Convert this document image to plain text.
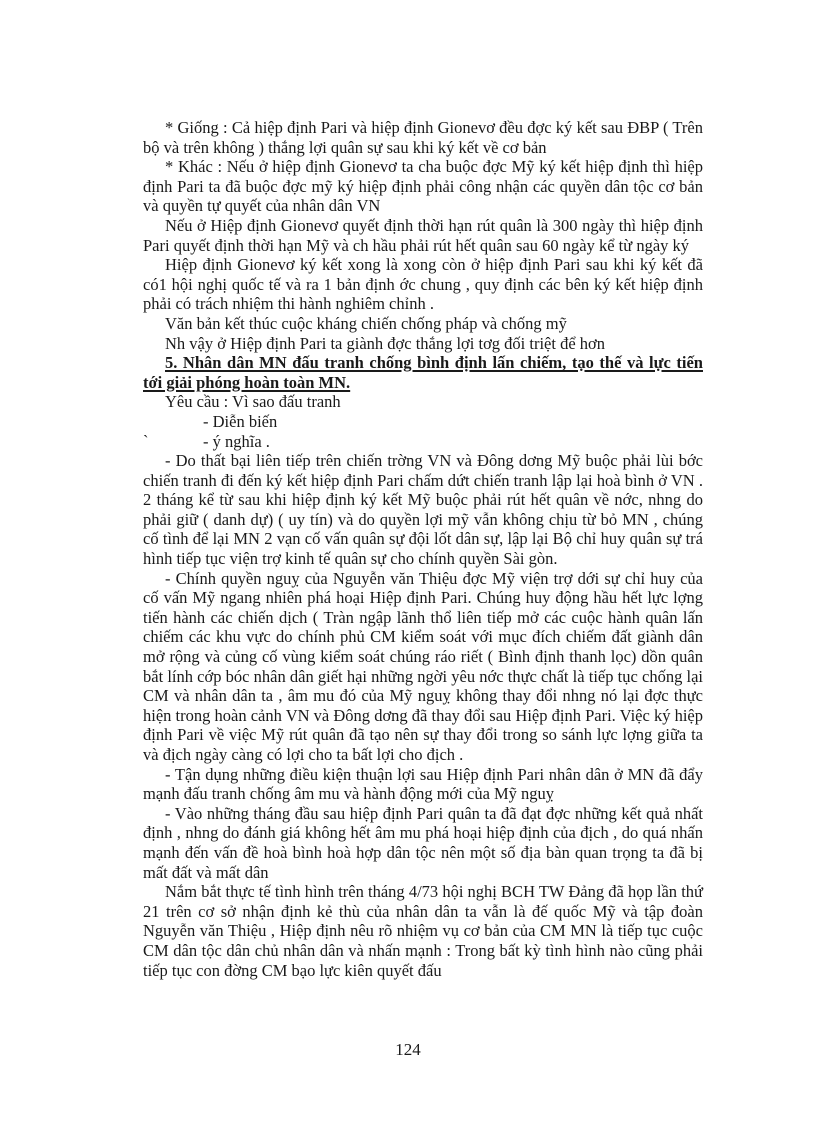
* Giống : Cả hiệp định Pari và hiệp định Gionevơ đều đợc ký kết sau ĐBP ( Trên bộ và trên không ) thắng lợi quân sự sau khi ký kết về cơ bản

* Khác : Nếu ở hiệp định Gionevơ ta cha buộc đợc Mỹ ký kết hiệp định thì hiệp định Pari ta đã buộc đợc mỹ ký hiệp định phải công nhận các quyền dân tộc cơ bản và quyền tự quyết của nhân dân VN

Nếu ở Hiệp định Gionevơ quyết định thời hạn rút quân là 300 ngày thì hiệp định Pari quyết định thời hạn Mỹ và ch hầu phải rút hết quân sau 60 ngày kể từ ngày ký

Hiệp định Gionevơ ký kết xong là xong còn ở hiệp định Pari sau khi ký kết đã có1 hội nghị quốc tế và ra 1 bản định ớc chung , quy định các bên ký kết hiệp định phải có trách nhiệm thi hành nghiêm chỉnh .

Văn bản kết thúc cuộc kháng chiến chống pháp và chống mỹ

Nh vậy ở Hiệp định Pari ta giành đợc thắng lợi tơg đối triệt để hơn

5. Nhân dân MN đấu tranh chống bình định lấn chiếm, tạo thế và lực tiến tới giải phóng hoàn toàn MN.

Yêu cầu : Vì sao đấu tranh

- Diễn biến

`	- ý nghĩa .

- Do thất bại liên tiếp trên chiến trờng VN và Đông dơng Mỹ buộc phải lùi bớc chiến tranh đi đến ký kết hiệp định Pari chấm dứt chiến tranh lập lại hoà bình ở VN . 2 tháng kể từ sau khi hiệp định ký kết Mỹ buộc phải rút hết quân về nớc, nhng do phải giữ ( danh dự) ( uy tín) và do quyền lợi mỹ vẫn không chịu từ bỏ MN , chúng cố tình để lại MN 2 vạn cố vấn quân sự đội lốt dân sự, lập lại Bộ chỉ huy quân sự trá hình tiếp tục viện trợ kinh tế quân sự cho chính quyền Sài gòn.

- Chính quyền nguỵ của Nguyễn văn Thiệu đợc Mỹ viện trợ dới sự chỉ huy của cố vấn Mỹ ngang nhiên phá hoại Hiệp định Pari. Chúng huy động hầu hết lực lợng tiến hành các chiến dịch ( Tràn ngập lãnh thổ liên tiếp mở các cuộc hành quân lấn chiếm các khu vực do chính phủ CM kiểm soát với mục đích chiếm đất giành dân mở rộng và củng cố vùng kiểm soát chúng ráo riết ( Bình định thanh lọc) dồn quân bắt lính cớp bóc nhân dân giết hại những ngời yêu nớc thực chất là tiếp tục chống lại CM và nhân dân ta , âm mu đó của Mỹ nguỵ không thay đổi nhng nó lại đợc thực hiện trong hoàn cảnh VN và Đông dơng đã thay đổi sau Hiệp định Pari. Việc ký hiệp định Pari về việc Mỹ rút quân đã tạo nên sự thay đổi trong so sánh lực lợng giữa ta và địch ngày càng có lợi cho ta bất lợi cho địch .

- Tận dụng những điều kiện thuận lợi sau Hiệp định Pari nhân dân ở MN đã đẩy mạnh đấu tranh chống âm mu và hành động mới của Mỹ nguỵ

- Vào những tháng đầu sau hiệp định Pari quân ta đã đạt đợc những kết quả nhất định , nhng do đánh giá không hết âm mu phá hoại hiệp định của địch , do quá nhấn mạnh đến vấn đề hoà bình hoà hợp dân tộc nên một số địa bàn quan trọng ta đã bị mất đất và mất dân

Nắm bắt thực tế tình hình trên tháng 4/73 hội nghị BCH TW Đảng đã họp lần thứ 21 trên cơ sở nhận định kẻ thù của nhân dân ta vẫn là đế quốc Mỹ và tập đoàn Nguyễn văn Thiệu , Hiệp định nêu rõ nhiệm vụ cơ bản của CM MN là tiếp tục cuộc CM dân tộc dân chủ nhân dân và nhấn mạnh : Trong bất kỳ tình hình nào cũng phải tiếp tục con đờng CM bạo lực kiên quyết đấu

124
